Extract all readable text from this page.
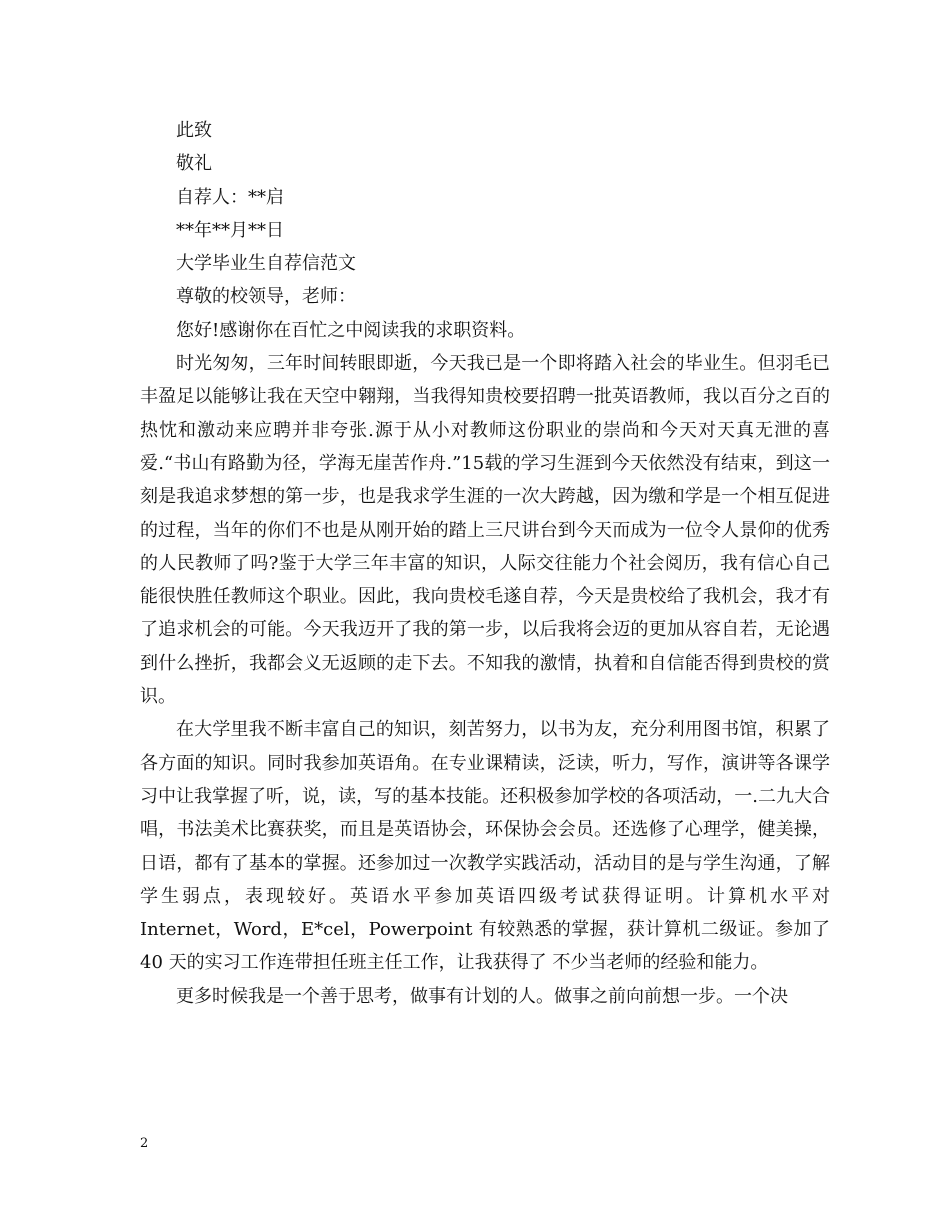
此致

敬礼

自荐人：**启

**年**月**日

大学毕业生自荐信范文

尊敬的校领导，老师：

您好!感谢你在百忙之中阅读我的求职资料。

时光匆匆，三年时间转眼即逝，今天我已是一个即将踏入社会的毕业生。但羽毛已丰盈足以能够让我在天空中翱翔，当我得知贵校要招聘一批英语教师，我以百分之百的热忱和激动来应聘并非夸张.源于从小对教师这份职业的崇尚和今天对天真无泄的喜爱.“书山有路勤为径，学海无崖苦作舟.”15载的学习生涯到今天依然没有结束，到这一刻是我追求梦想的第一步，也是我求学生涯的一次大跨越，因为缴和学是一个相互促进的过程，当年的你们不也是从刚开始的踏上三尺讲台到今天而成为一位令人景仰的优秀的人民教师了吗?鉴于大学三年丰富的知识，人际交往能力个社会阅历，我有信心自己能很快胜任教师这个职业。因此，我向贵校毛遂自荐，今天是贵校给了我机会，我才有了追求机会的可能。今天我迈开了我的第一步，以后我将会迈的更加从容自若，无论遇到什么挫折，我都会义无返顾的走下去。不知我的激情，执着和自信能否得到贵校的赏识。

在大学里我不断丰富自己的知识，刻苦努力，以书为友，充分利用图书馆，积累了各方面的知识。同时我参加英语角。在专业课精读，泛读，听力，写作，演讲等各课学习中让我掌握了听，说，读，写的基本技能。还积极参加学校的各项活动，一.二九大合唱，书法美术比赛获奖，而且是英语协会，环保协会会员。还选修了心理学，健美操，日语，都有了基本的掌握。还参加过一次教学实践活动，活动目的是与学生沟通，了解学生弱点，表现较好。英语水平参加英语四级考试获得证明。计算机水平对 Internet，Word，E*cel，Powerpoint 有较熟悉的掌握，获计算机二级证。参加了 40 天的实习工作连带担任班主任工作，让我获得了 不少当老师的经验和能力。

更多时候我是一个善于思考，做事有计划的人。做事之前向前想一步。一个决

2
